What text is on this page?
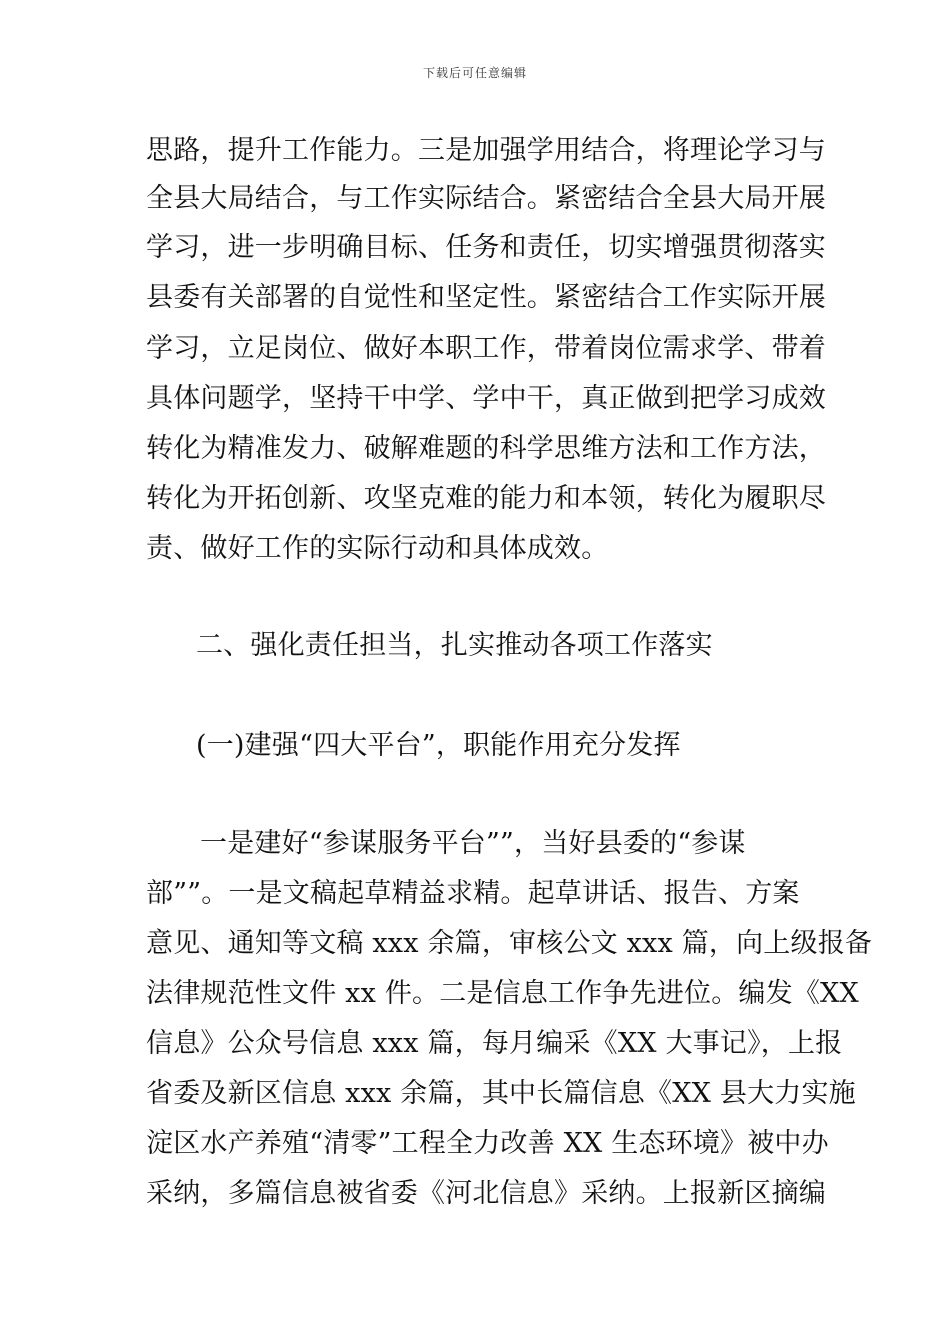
下载后可任意编辑
思路，提升工作能力。三是加强学用结合，将理论学习与
全县大局结合，与工作实际结合。紧密结合全县大局开展
学习，进一步明确目标、任务和责任，切实增强贯彻落实
县委有关部署的自觉性和坚定性。紧密结合工作实际开展
学习，立足岗位、做好本职工作，带着岗位需求学、带着
具体问题学，坚持干中学、学中干，真正做到把学习成效
转化为精准发力、破解难题的科学思维方法和工作方法，
转化为开拓创新、攻坚克难的能力和本领，转化为履职尽
责、做好工作的实际行动和具体成效。
二、强化责任担当，扎实推动各项工作落实
(一)建强“四大平台”，职能作用充分发挥
一是建好“参谋服务平台””，当好县委的“参谋
部””。一是文稿起草精益求精。起草讲话、报告、方案
意见、通知等文稿 xxx 余篇，审核公文 xxx 篇，向上级报备
法律规范性文件 xx 件。二是信息工作争先进位。编发《XX
信息》公众号信息 xxx 篇，每月编采《XX 大事记》，上报
省委及新区信息 xxx 余篇，其中长篇信息《XX 县大力实施
淀区水产养殖“清零”工程全力改善 XX 生态环境》被中办
采纳，多篇信息被省委《河北信息》采纳。上报新区摘编
